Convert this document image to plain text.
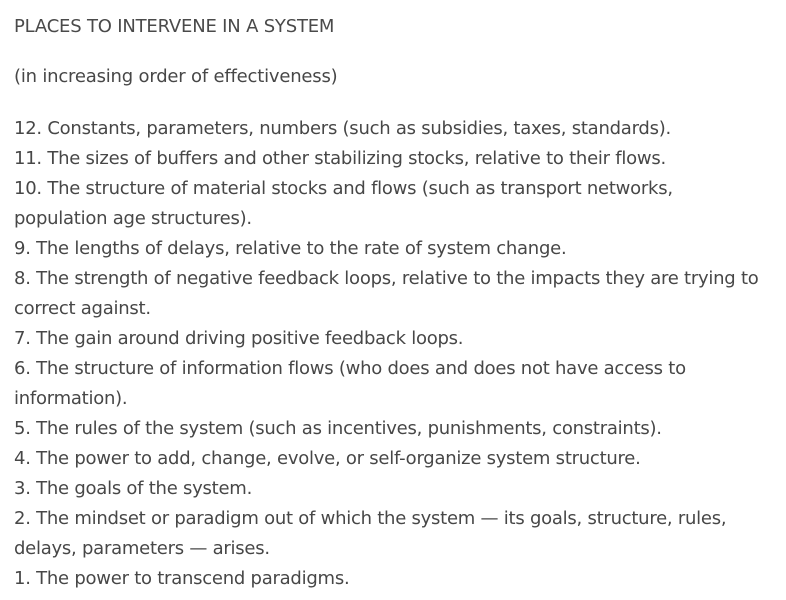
PLACES TO INTERVENE IN A SYSTEM

(in increasing order of effectiveness)

12. Constants, parameters, numbers (such as subsidies, taxes, standards).
11. The sizes of buffers and other stabilizing stocks, relative to their flows.
10. The structure of material stocks and flows (such as transport networks, population age structures).
9. The lengths of delays, relative to the rate of system change.
8. The strength of negative feedback loops, relative to the impacts they are trying to correct against.
7. The gain around driving positive feedback loops.
6. The structure of information flows (who does and does not have access to information).
5. The rules of the system (such as incentives, punishments, constraints).
4. The power to add, change, evolve, or self-organize system structure.
3. The goals of the system.
2. The mindset or paradigm out of which the system — its goals, structure, rules, delays, parameters — arises.
1. The power to transcend paradigms.
